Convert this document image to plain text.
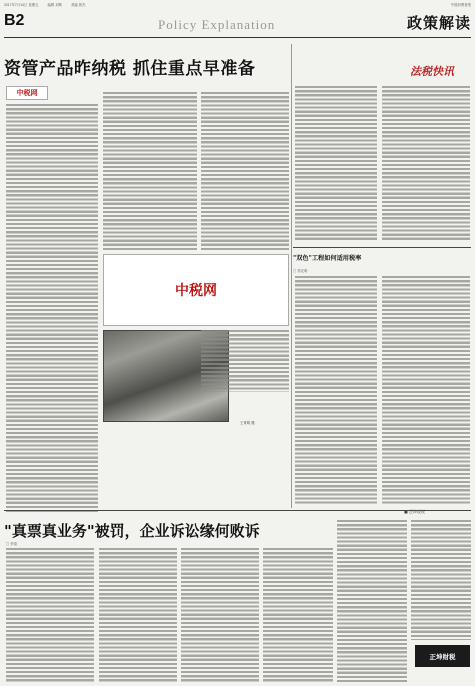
2017年7月14日 星期五	编辑 刘利	美编 郭杰	中国消费者报
B2	Policy Explanation	政策解读
资管产品昨纳税 抓住重点早准备
中税网
中税网
王青明 摄
法税快讯
"双色"工程如何适用税率
□ 郑光明
■ 正坤说税
"真票真业务"被罚，企业诉讼缘何败诉
□ 李清
正坤财税
